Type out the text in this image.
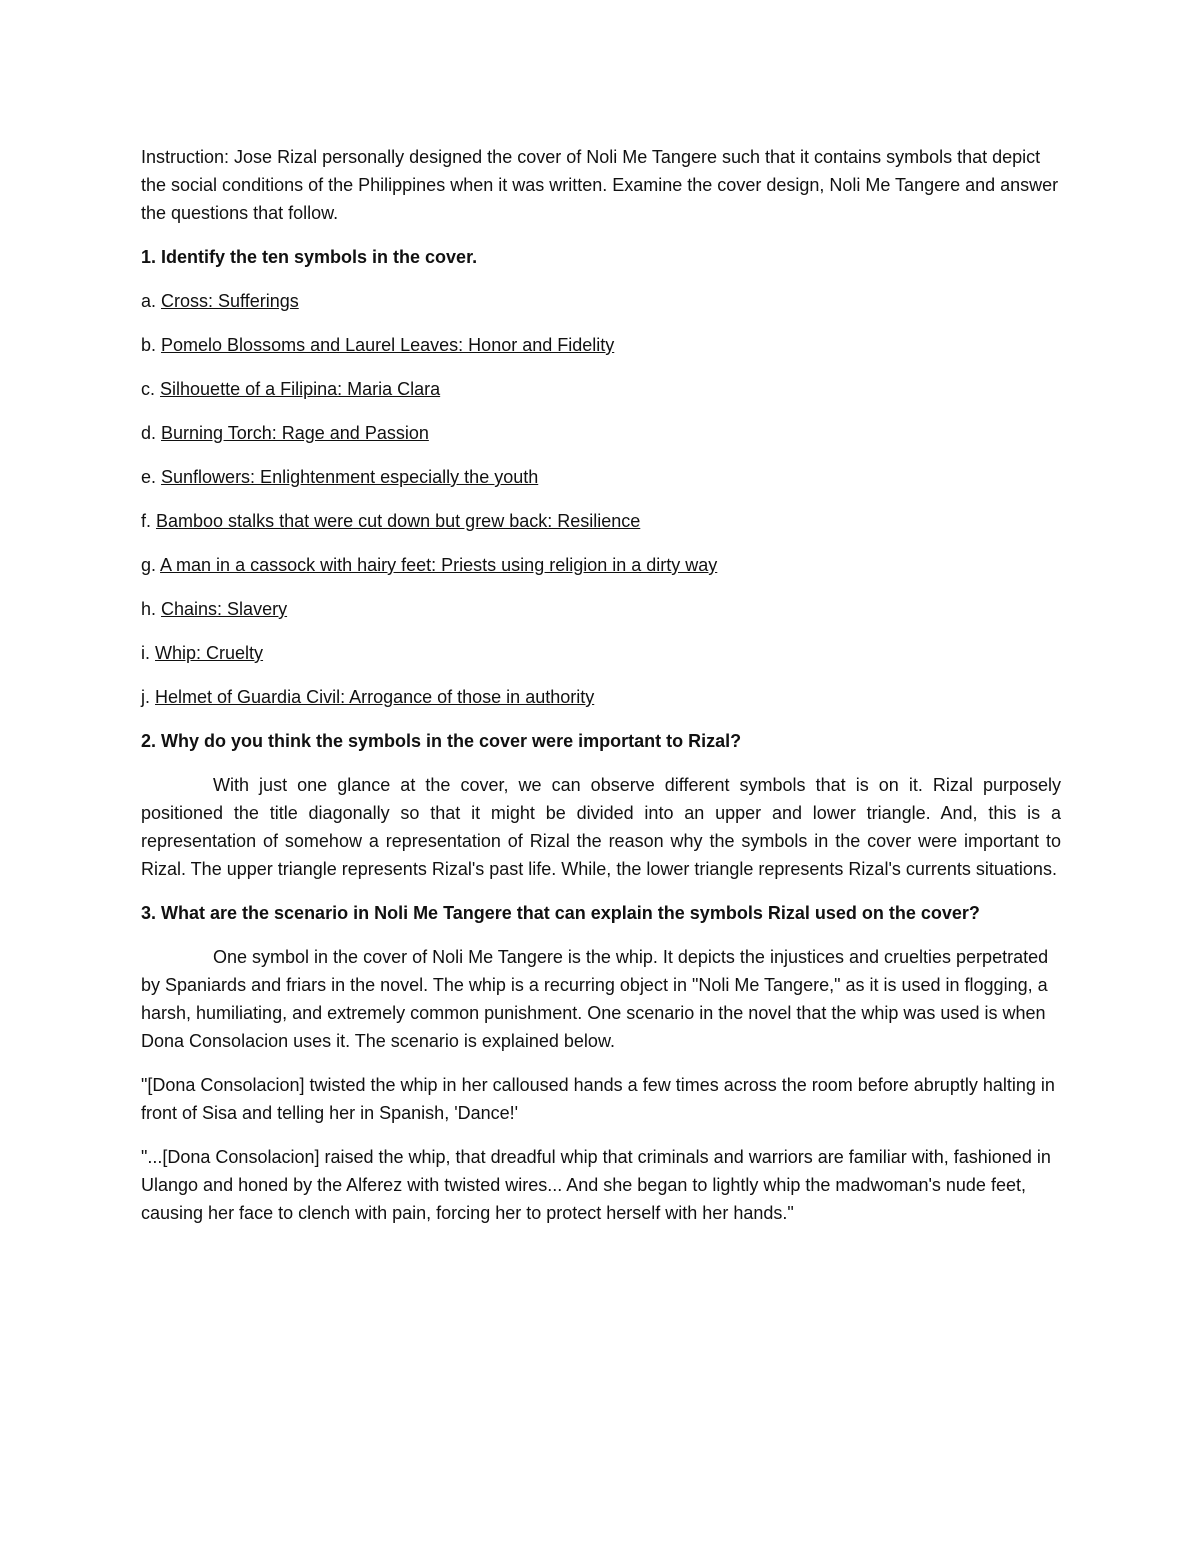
Instruction: Jose Rizal personally designed the cover of Noli Me Tangere such that it contains symbols that depict the social conditions of the Philippines when it was written. Examine the cover design, Noli Me Tangere and answer the questions that follow.

1. Identify the ten symbols in the cover.

a. Cross: Sufferings

b. Pomelo Blossoms and Laurel Leaves: Honor and Fidelity

c. Silhouette of a Filipina: Maria Clara

d. Burning Torch: Rage and Passion

e. Sunflowers: Enlightenment especially the youth

f. Bamboo stalks that were cut down but grew back: Resilience

g. A man in a cassock with hairy feet: Priests using religion in a dirty way

h. Chains: Slavery

i. Whip: Cruelty

j. Helmet of Guardia Civil: Arrogance of those in authority

2. Why do you think the symbols in the cover were important to Rizal?

With just one glance at the cover, we can observe different symbols that is on it. Rizal purposely positioned the title diagonally so that it might be divided into an upper and lower triangle. And, this is a representation of somehow a representation of Rizal the reason why the symbols in the cover were important to Rizal. The upper triangle represents Rizal's past life. While, the lower triangle represents Rizal's currents situations.

3. What are the scenario in Noli Me Tangere that can explain the symbols Rizal used on the cover?

One symbol in the cover of Noli Me Tangere is the whip. It depicts the injustices and cruelties perpetrated by Spaniards and friars in the novel. The whip is a recurring object in "Noli Me Tangere," as it is used in flogging, a harsh, humiliating, and extremely common punishment. One scenario in the novel that the whip was used is when Dona Consolacion uses it. The scenario is explained below.

"[Dona Consolacion] twisted the whip in her calloused hands a few times across the room before abruptly halting in front of Sisa and telling her in Spanish, 'Dance!'

"...[Dona Consolacion] raised the whip, that dreadful whip that criminals and warriors are familiar with, fashioned in Ulango and honed by the Alferez with twisted wires... And she began to lightly whip the madwoman's nude feet, causing her face to clench with pain, forcing her to protect herself with her hands."
